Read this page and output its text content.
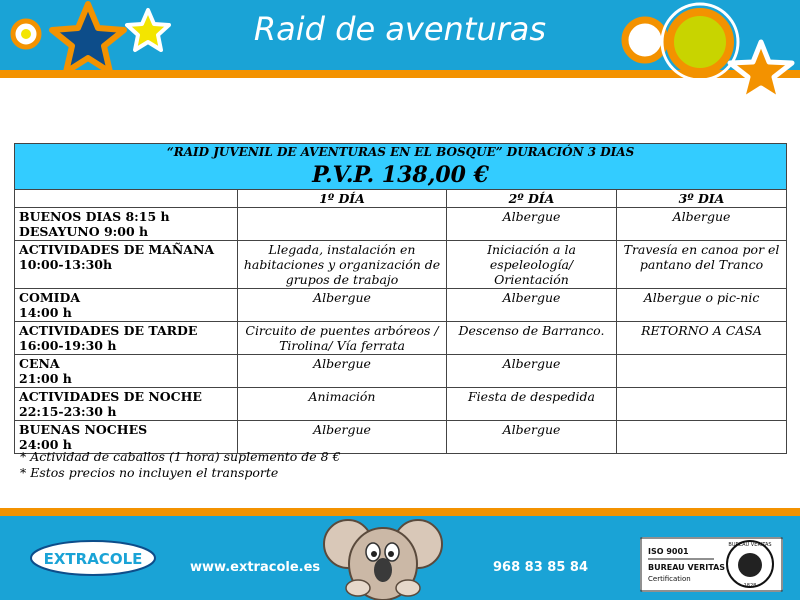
Raid de aventuras
“RAID JUVENIL DE AVENTURAS EN EL BOSQUE” DURACIÓN 3 DIAS			
P.V.P. 138,00 €			
	1º DÍA	2º DÍA	3º DIA

BUENOS DIAS 8:15 h
DESAYUNO 9:00 h		Albergue	Albergue

ACTIVIDADES DE MAÑANA
10:00-13:30h	Llegada, instalación en habitaciones y organización de grupos de trabajo	Iniciación a la espeleología/ Orientación	Travesía en canoa por el pantano del Tranco

COMIDA
14:00 h	Albergue	Albergue	Albergue o pic-nic

ACTIVIDADES DE TARDE
16:00-19:30 h	Circuito de puentes arbóreos / Tirolina/ Vía ferrata	Descenso de Barranco.	RETORNO A CASA

CENA
21:00 h	Albergue	Albergue	

ACTIVIDADES DE NOCHE
22:15-23:30 h	Animación	Fiesta de despedida	

BUENAS NOCHES
24:00 h	Albergue	Albergue	
* Actividad de caballos (1 hora) suplemento de 8 €
* Estos precios no incluyen el transporte
EXTRACOLE	www.extracole.es	968 83 85 84
ISO 9001
BUREAU VERITAS
Certification
BUREAU VERITAS
1828
